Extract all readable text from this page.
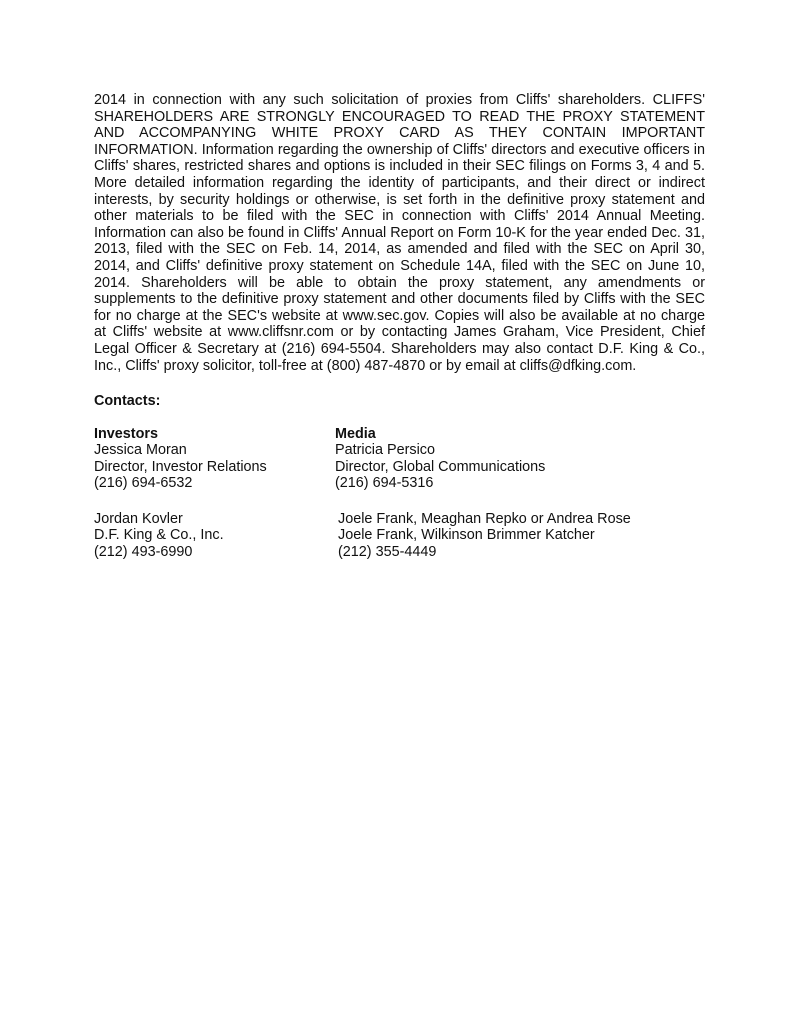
2014 in connection with any such solicitation of proxies from Cliffs' shareholders. CLIFFS' SHAREHOLDERS ARE STRONGLY ENCOURAGED TO READ THE PROXY STATEMENT AND ACCOMPANYING WHITE PROXY CARD AS THEY CONTAIN IMPORTANT INFORMATION. Information regarding the ownership of Cliffs' directors and executive officers in Cliffs' shares, restricted shares and options is included in their SEC filings on Forms 3, 4 and 5. More detailed information regarding the identity of participants, and their direct or indirect interests, by security holdings or otherwise, is set forth in the definitive proxy statement and other materials to be filed with the SEC in connection with Cliffs' 2014 Annual Meeting. Information can also be found in Cliffs' Annual Report on Form 10-K for the year ended Dec. 31, 2013, filed with the SEC on Feb. 14, 2014, as amended and filed with the SEC on April 30, 2014, and Cliffs' definitive proxy statement on Schedule 14A, filed with the SEC on June 10, 2014. Shareholders will be able to obtain the proxy statement, any amendments or supplements to the definitive proxy statement and other documents filed by Cliffs with the SEC for no charge at the SEC's website at www.sec.gov. Copies will also be available at no charge at Cliffs' website at www.cliffsnr.com or by contacting James Graham, Vice President, Chief Legal Officer & Secretary at (216) 694-5504. Shareholders may also contact D.F. King & Co., Inc., Cliffs' proxy solicitor, toll-free at (800) 487-4870 or by email at cliffs@dfking.com.

Contacts:
Investors
Jessica Moran
Director, Investor Relations
(216) 694-6532
Media
Patricia Persico
Director, Global Communications
(216) 694-5316
Jordan Kovler
D.F. King & Co., Inc.
(212) 493-6990
Joele Frank, Meaghan Repko or Andrea Rose
Joele Frank, Wilkinson Brimmer Katcher
(212) 355-4449
